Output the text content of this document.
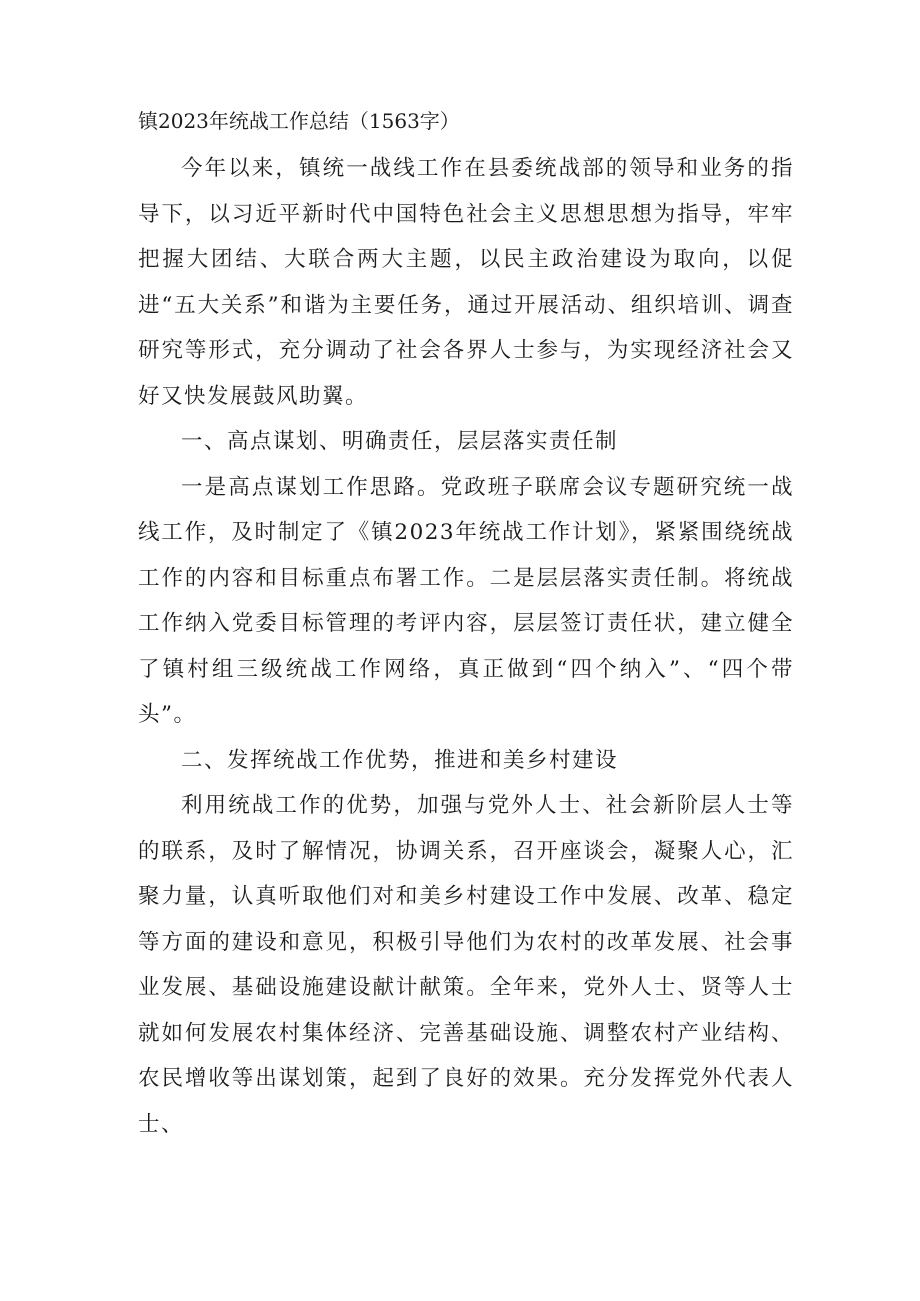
镇2023年统战工作总结（1563字）

今年以来，镇统一战线工作在县委统战部的领导和业务的指导下，以习近平新时代中国特色社会主义思想思想为指导，牢牢把握大团结、大联合两大主题，以民主政治建设为取向，以促进“五大关系”和谐为主要任务，通过开展活动、组织培训、调查研究等形式，充分调动了社会各界人士参与，为实现经济社会又好又快发展鼓风助翼。

一、高点谋划、明确责任，层层落实责任制

一是高点谋划工作思路。党政班子联席会议专题研究统一战线工作，及时制定了《镇2023年统战工作计划》，紧紧围绕统战工作的内容和目标重点布署工作。二是层层落实责任制。将统战工作纳入党委目标管理的考评内容，层层签订责任状，建立健全了镇村组三级统战工作网络，真正做到“四个纳入”、“四个带头”。

二、发挥统战工作优势，推进和美乡村建设

利用统战工作的优势，加强与党外人士、社会新阶层人士等的联系，及时了解情况，协调关系，召开座谈会，凝聚人心，汇聚力量，认真听取他们对和美乡村建设工作中发展、改革、稳定等方面的建设和意见，积极引导他们为农村的改革发展、社会事业发展、基础设施建设献计献策。全年来，党外人士、贤等人士就如何发展农村集体经济、完善基础设施、调整农村产业结构、农民增收等出谋划策，起到了良好的效果。充分发挥党外代表人士、
